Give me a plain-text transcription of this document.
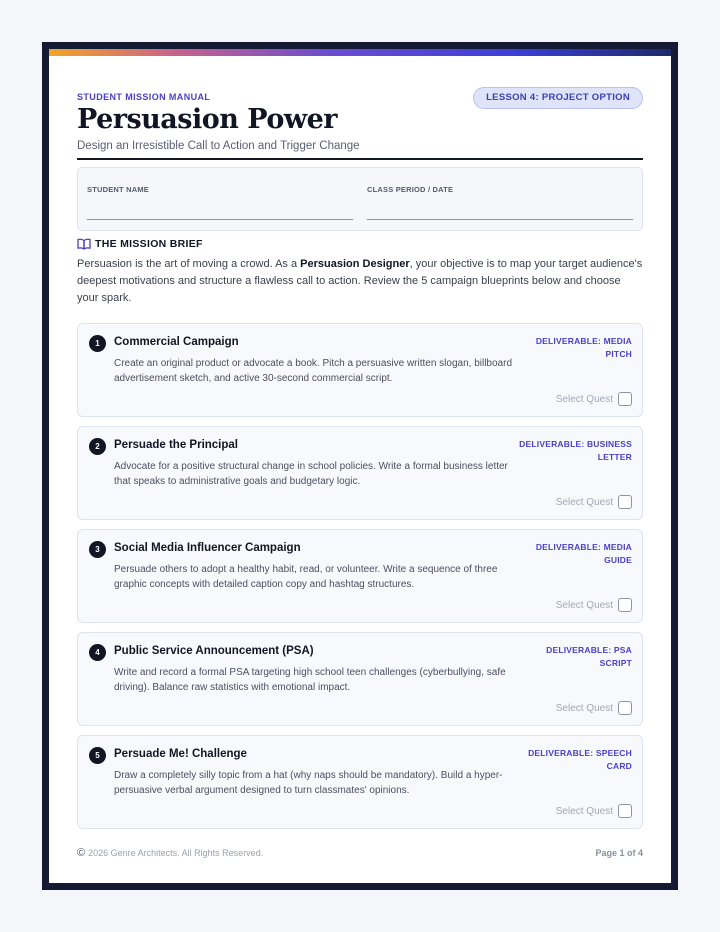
STUDENT MISSION MANUAL	LESSON 4: PROJECT OPTION
Persuasion Power
Design an Irresistible Call to Action and Trigger Change
STUDENT NAME	CLASS PERIOD / DATE
THE MISSION BRIEF
Persuasion is the art of moving a crowd. As a Persuasion Designer, your objective is to map your target audience's deepest motivations and structure a flawless call to action. Review the 5 campaign blueprints below and choose your spark.
1	Commercial Campaign
Create an original product or advocate a book. Pitch a persuasive written slogan, billboard advertisement sketch, and active 30-second commercial script.
DELIVERABLE: MEDIA PITCH
Select Quest
2	Persuade the Principal
Advocate for a positive structural change in school policies. Write a formal business letter that speaks to administrative goals and budgetary logic.
DELIVERABLE: BUSINESS LETTER
Select Quest
3	Social Media Influencer Campaign
Persuade others to adopt a healthy habit, read, or volunteer. Write a sequence of three graphic concepts with detailed caption copy and hashtag structures.
DELIVERABLE: MEDIA GUIDE
Select Quest
4	Public Service Announcement (PSA)
Write and record a formal PSA targeting high school teen challenges (cyberbullying, safe driving). Balance raw statistics with emotional impact.
DELIVERABLE: PSA SCRIPT
Select Quest
5	Persuade Me! Challenge
Draw a completely silly topic from a hat (why naps should be mandatory). Build a hyper-persuasive verbal argument designed to turn classmates' opinions.
DELIVERABLE: SPEECH CARD
Select Quest
© 2026 Genre Architects. All Rights Reserved.	Page 1 of 4
